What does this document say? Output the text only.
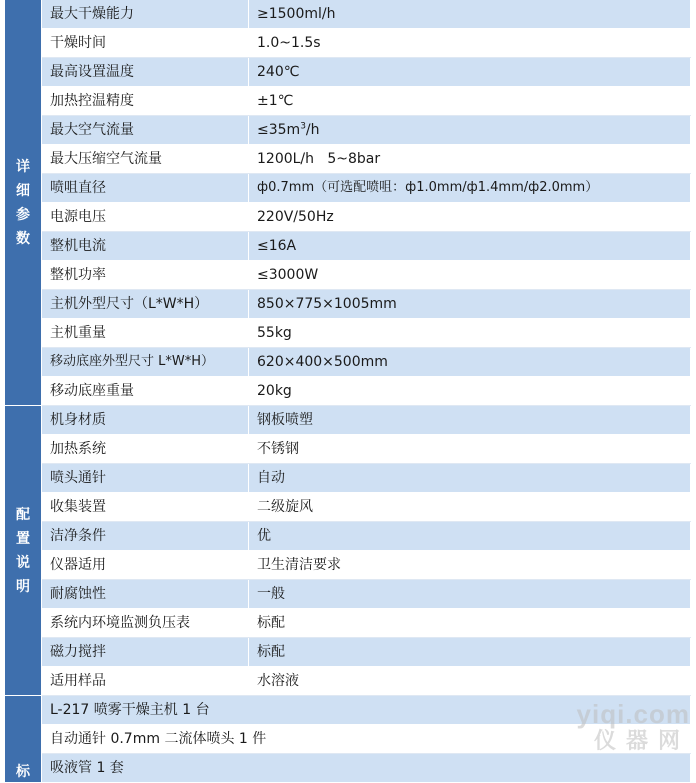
详
细
参
数	最大干燥能力	≥1500ml/h
	干燥时间	1.0~1.5s
	最高设置温度	240℃
	加热控温精度	±1℃
	最大空气流量	$\le 35m^3/h$
	最大压缩空气流量	1200L/h   5~8bar
	喷咀直径	ф0.7mm（可选配喷咀：ф1.0mm/ф1.4mm/ф2.0mm）
	电源电压	220V/50Hz
	整机电流	≤16A
	整机功率	≤3000W
	主机外型尺寸（L*W*H）	850×775×1005mm
	主机重量	55kg
	移动底座外型尺寸 L*W*H）	620×400×500mm
	移动底座重量	20kg

配
置
说
明	机身材质	钢板喷塑
	加热系统	不锈钢
	喷头通针	自动
	收集装置	二级旋风
	洁净条件	优
	仪器适用	卫生清洁要求
	耐腐蚀性	一般
	系统内环境监测负压表	标配
	磁力搅拌	标配
	适用样品	水溶液

标	L-217 喷雾干燥主机 1 台	
	自动通针 0.7mm 二流体喷头 1 件	
	吸液管 1 套	
yiqi.com
仪器网
